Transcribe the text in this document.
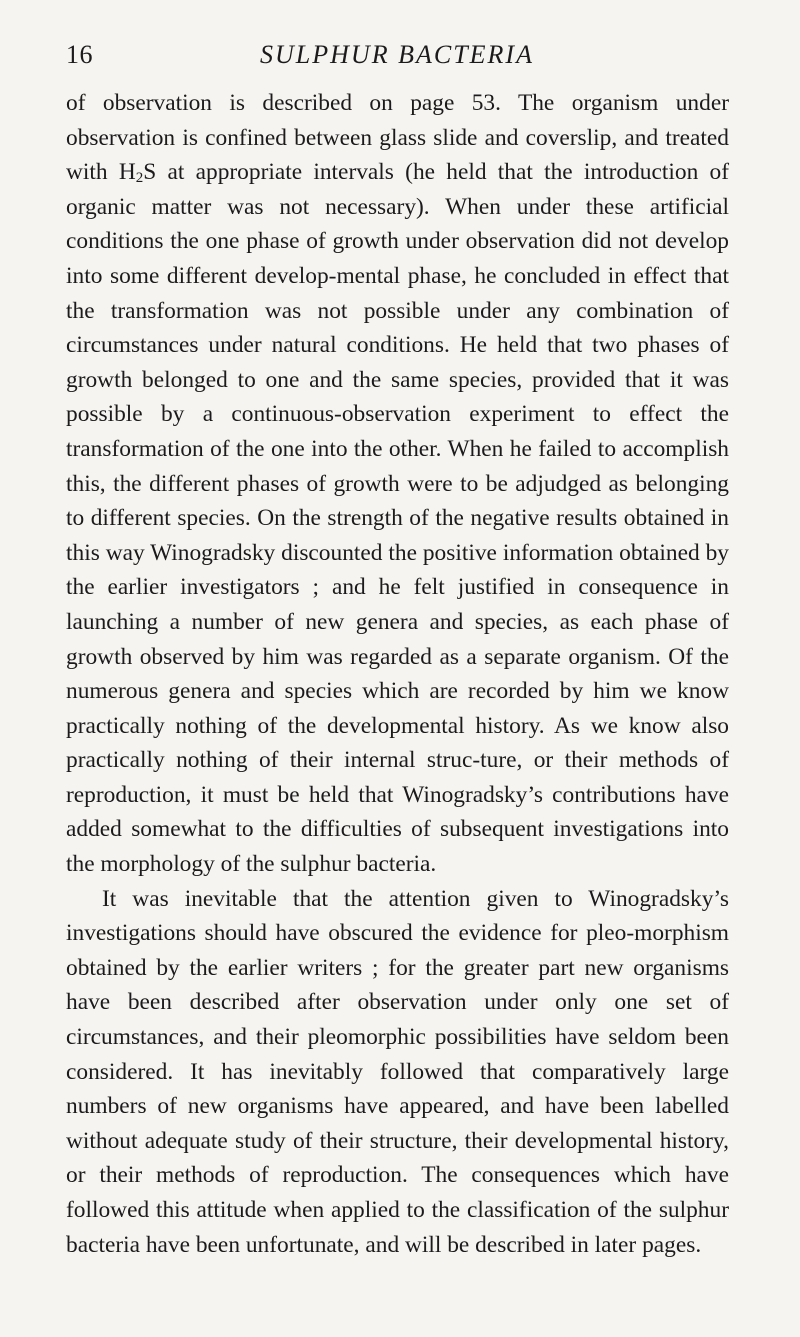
16	SULPHUR BACTERIA

of observation is described on page 53. The organism under observation is confined between glass slide and coverslip, and treated with $H_2S$ at appropriate intervals (he held that the introduction of organic matter was not necessary). When under these artificial conditions the one phase of growth under observation did not develop into some different develop-mental phase, he concluded in effect that the transformation was not possible under any combination of circumstances under natural conditions. He held that two phases of growth belonged to one and the same species, provided that it was possible by a continuous-observation experiment to effect the transformation of the one into the other. When he failed to accomplish this, the different phases of growth were to be adjudged as belonging to different species. On the strength of the negative results obtained in this way Winogradsky discounted the positive information obtained by the earlier investigators ; and he felt justified in consequence in launching a number of new genera and species, as each phase of growth observed by him was regarded as a separate organism. Of the numerous genera and species which are recorded by him we know practically nothing of the developmental history. As we know also practically nothing of their internal struc-ture, or their methods of reproduction, it must be held that Winogradsky’s contributions have added somewhat to the difficulties of subsequent investigations into the morphology of the sulphur bacteria.

It was inevitable that the attention given to Winogradsky’s investigations should have obscured the evidence for pleo-morphism obtained by the earlier writers ; for the greater part new organisms have been described after observation under only one set of circumstances, and their pleomorphic possibilities have seldom been considered. It has inevitably followed that comparatively large numbers of new organisms have appeared, and have been labelled without adequate study of their structure, their developmental history, or their methods of reproduction. The consequences which have followed this attitude when applied to the classification of the sulphur bacteria have been unfortunate, and will be described in later pages.
